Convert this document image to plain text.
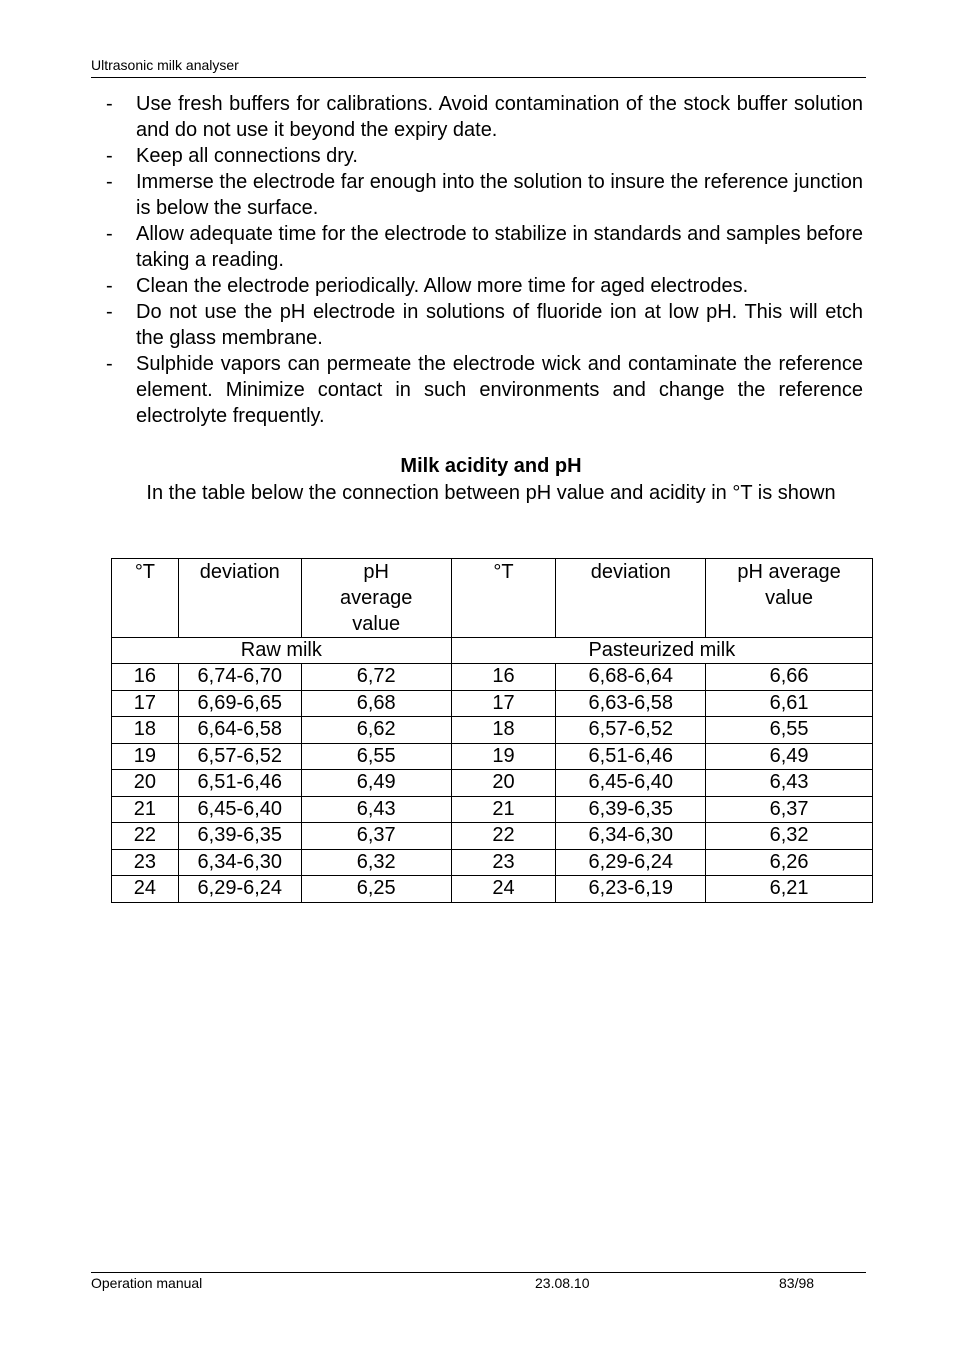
Ultrasonic milk analyser
- Use fresh buffers for calibrations. Avoid contamination of the stock buffer solution and do not use it beyond the expiry date.
- Keep all connections dry.
- Immerse the electrode far enough into the solution to insure the reference junction is below the surface.
- Allow adequate time for the electrode to stabilize in standards and samples before taking a reading.
- Clean the electrode periodically. Allow more time for aged electrodes.
- Do not use the pH electrode in solutions of fluoride ion at low pH. This will etch the glass membrane.
- Sulphide vapors can permeate the electrode wick and contaminate the reference element. Minimize contact in such environments and change the reference electrolyte frequently.
Milk acidity and pH
In the table below the connection between pH value and acidity in °T is shown
°T	deviation	pH average value	°T	deviation	pH average value
Raw milk			Pasteurized milk		
16	6,74-6,70	6,72	16	6,68-6,64	6,66
17	6,69-6,65	6,68	17	6,63-6,58	6,61
18	6,64-6,58	6,62	18	6,57-6,52	6,55
19	6,57-6,52	6,55	19	6,51-6,46	6,49
20	6,51-6,46	6,49	20	6,45-6,40	6,43
21	6,45-6,40	6,43	21	6,39-6,35	6,37
22	6,39-6,35	6,37	22	6,34-6,30	6,32
23	6,34-6,30	6,32	23	6,29-6,24	6,26
24	6,29-6,24	6,25	24	6,23-6,19	6,21
Operation manual	23.08.10	83/98
